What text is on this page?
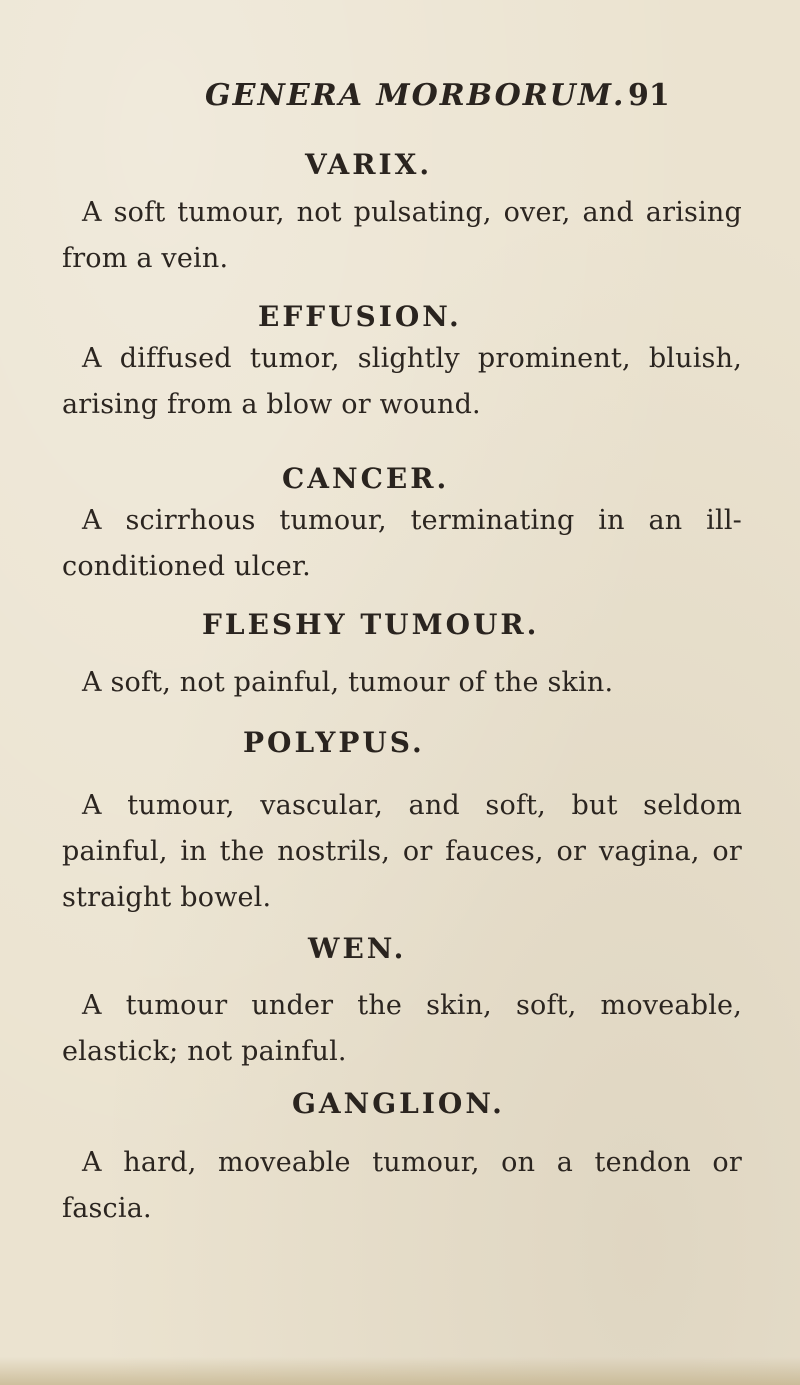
GENERA MORBORUM. 91
VARIX.
A soft tumour, not pulsating, over, and arising from a vein.
EFFUSION.
A diffused tumor, slightly prominent, bluish, arising from a blow or wound.
CANCER.
A scirrhous tumour, terminating in an ill-conditioned ulcer.
FLESHY TUMOUR.
A soft, not painful, tumour of the skin.
POLYPUS.
A tumour, vascular, and soft, but seldom painful, in the nostrils, or fauces, or vagina, or straight bowel.
WEN.
A tumour under the skin, soft, moveable, elastick; not painful.
GANGLION.
A hard, moveable tumour, on a tendon or fascia.
